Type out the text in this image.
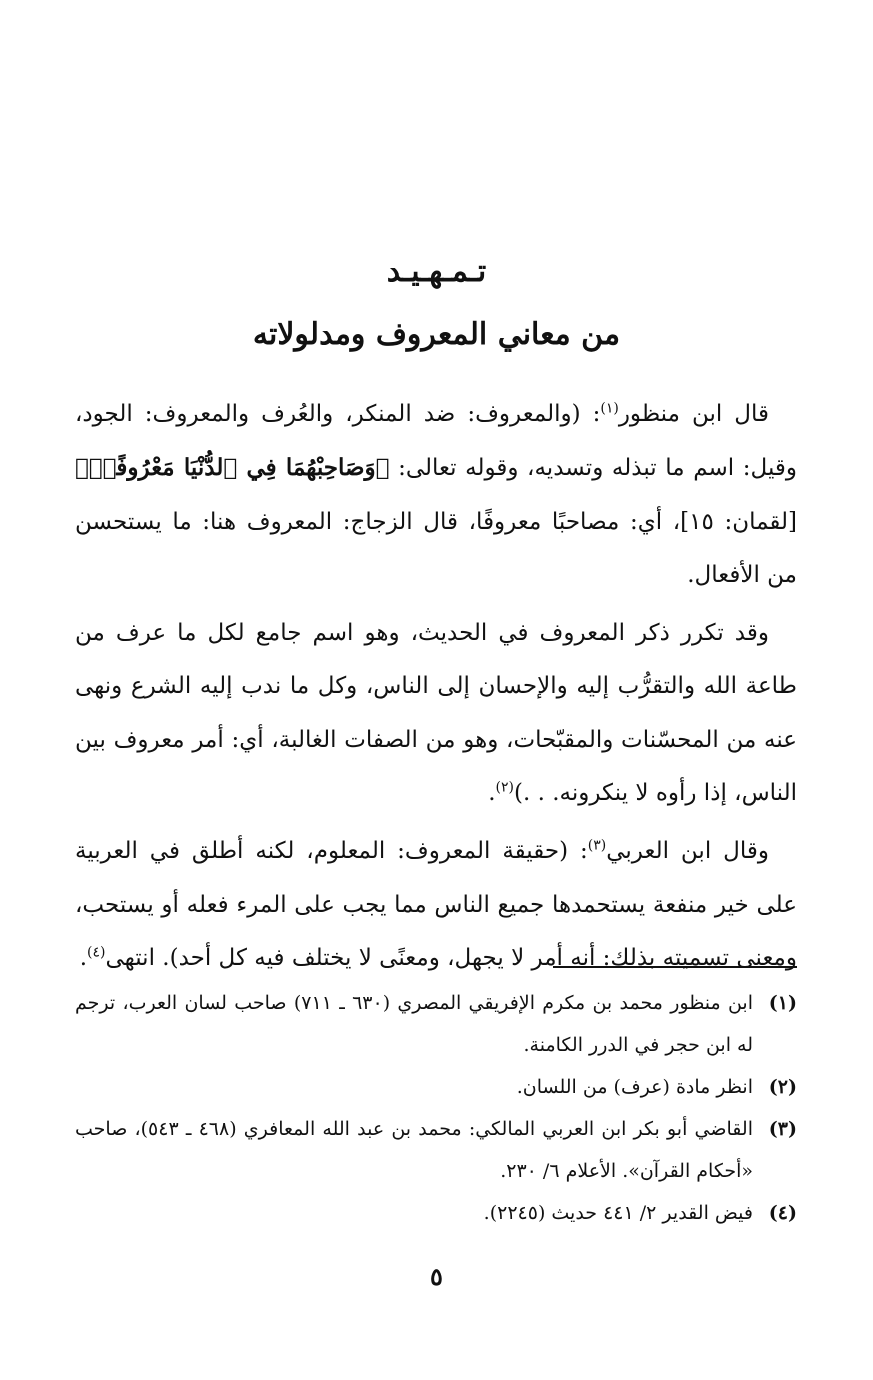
تـمـهـيـد
من معاني المعروف ومدلولاته

قال ابن منظور$^{(١)}$: (والمعروف: ضد المنكر، والعُرف والمعروف: الجود، وقيل: اسم ما تبذله وتسديه، وقوله تعالى: ﴿وَصَاحِبْهُمَا فِي ٱلدُّنْيَا مَعْرُوفًاۖ﴾ [لقمان: ١٥]، أي: مصاحبًا معروفًا، قال الزجاج: المعروف هنا: ما يستحسن من الأفعال.

وقد تكرر ذكر المعروف في الحديث، وهو اسم جامع لكل ما عرف من طاعة الله والتقرُّب إليه والإحسان إلى الناس، وكل ما ندب إليه الشرع ونهى عنه من المحسّنات والمقبّحات، وهو من الصفات الغالبة، أي: أمر معروف بين الناس، إذا رأوه لا ينكرونه. . .)$^{(٢)}$.

وقال ابن العربي$^{(٣)}$: (حقيقة المعروف: المعلوم، لكنه أطلق في العربية على خير منفعة يستحمدها جميع الناس مما يجب على المرء فعله أو يستحب، ومعنى تسميته بذلك: أنه أمر لا يجهل، ومعنًى لا يختلف فيه كل أحد). انتهى$^{(٤)}$.

(١)
ابن منظور محمد بن مكرم الإفريقي المصري (٦٣٠ ـ ٧١١) صاحب لسان العرب، ترجم له ابن حجر في الدرر الكامنة.
(٢)
انظر مادة (عرف) من اللسان.
(٣)
القاضي أبو بكر ابن العربي المالكي: محمد بن عبد الله المعافري (٤٦٨ ـ ٥٤٣)، صاحب «أحكام القرآن». الأعلام ٦/ ٢٣٠.
(٤)
فيض القدير ٢/ ٤٤١ حديث (٢٢٤٥).
٥
